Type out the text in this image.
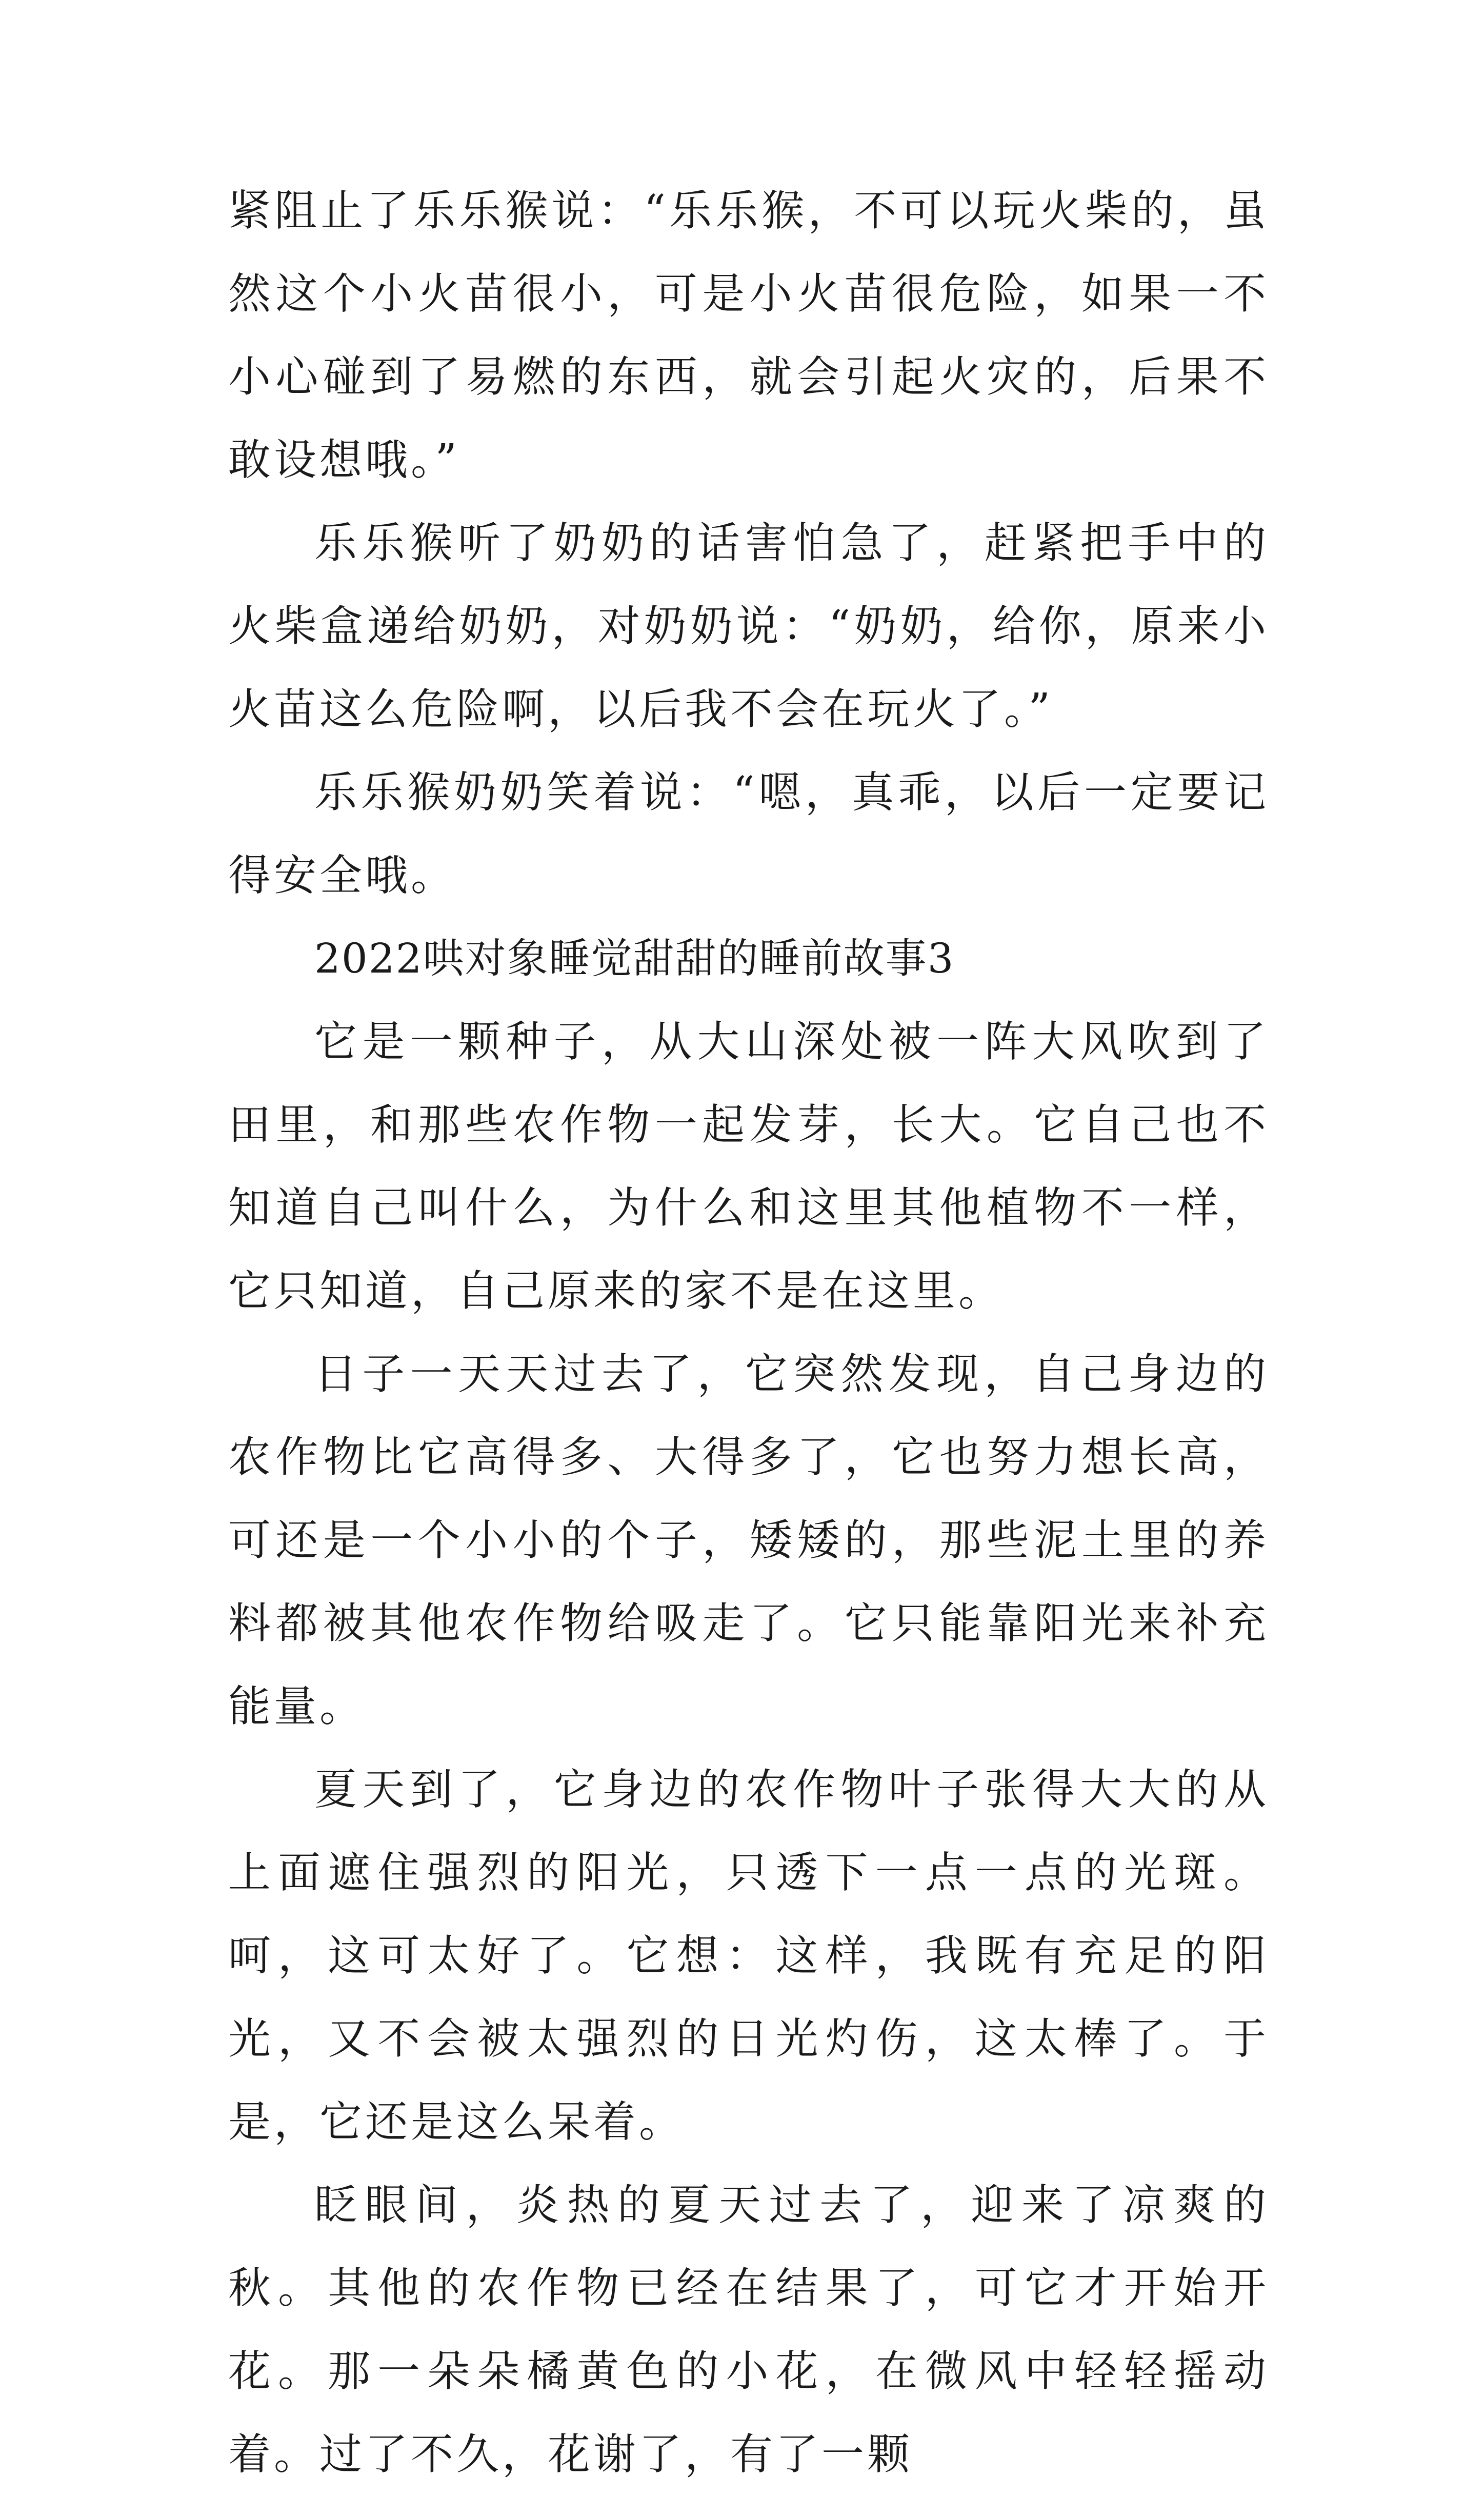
紧阻止了乐乐猴说：“乐乐猴，不可以玩火柴的，虽然这个小火苗很小，可是小火苗很危险，如果一不小心碰到了易燃的东西，就会引起火灾的，后果不敢设想哦。”

乐乐猴听了奶奶的话害怕急了，赶紧把手中的火柴盒递给奶奶，对奶奶说：“奶奶，给你，原来小火苗这么危险啊，以后我不会在玩火了。”

乐乐猴奶奶笑着说：“嗯，真乖，以后一定要记得安全哦。

2022哄对象睡觉甜甜的睡前故事3

它是一颗种子，从大山深处被一阵大风吹到了田里，和那些农作物一起发芽，长大。它自己也不知道自己叫什么，为什么和这里其他植物不一样，它只知道，自己原来的家不是在这里。

日子一天天过去了，它突然发现，自己身边的农作物比它高得多、大得多了，它也努力想长高，可还是一个小小的个子，矮矮的，那些泥土里的养料都被其他农作物给吸走了。它只能靠阳光来补充能量。

夏天到了，它身边的农作物叶子张得大大的从上面遮住强烈的阳光，只透下一点一点的光斑。呵，这可太好了。它想：这样，我既有充足的阳光，又不会被太强烈的日光灼伤，这太棒了。于是，它还是这么呆着。

眨眼间，炎热的夏天过去了，迎来了凉爽的秋。其他的农作物已经在结果了，可它才开始开花。那一朵朵橘黄色的小花，在微风中轻轻摇动着。过了不久，花谢了，有了一颗
